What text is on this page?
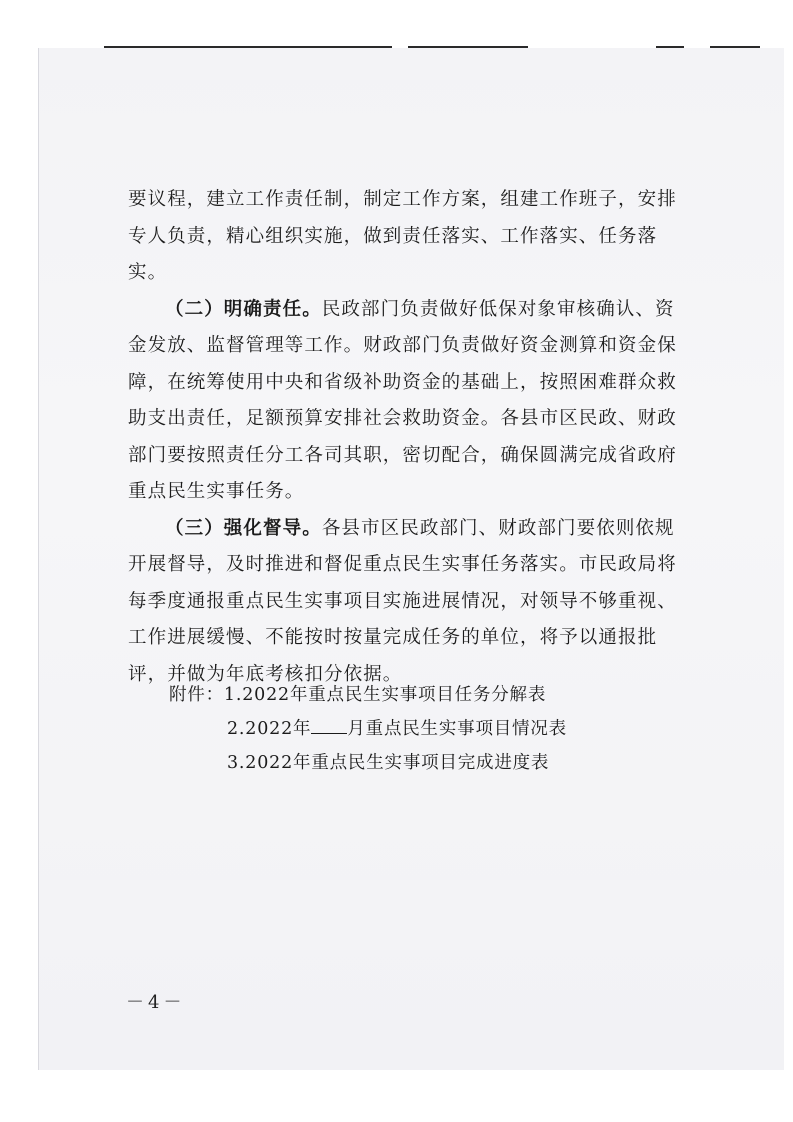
要议程，建立工作责任制，制定工作方案，组建工作班子，安排

专人负责，精心组织实施，做到责任落实、工作落实、任务落实。

（二）明确责任。民政部门负责做好低保对象审核确认、资金发放、监督管理等工作。财政部门负责做好资金测算和资金保障，在统筹使用中央和省级补助资金的基础上，按照困难群众救助支出责任，足额预算安排社会救助资金。各县市区民政、财政部门要按照责任分工各司其职，密切配合，确保圆满完成省政府重点民生实事任务。

（三）强化督导。各县市区民政部门、财政部门要依则依规开展督导，及时推进和督促重点民生实事任务落实。市民政局将每季度通报重点民生实事项目实施进展情况，对领导不够重视、工作进展缓慢、不能按时按量完成任务的单位，将予以通报批评，并做为年底考核扣分依据。

附件：1.2022年重点民生实事项目任务分解表
2.2022年 月重点民生实事项目情况表
3.2022年重点民生实事项目完成进度表
－4－
